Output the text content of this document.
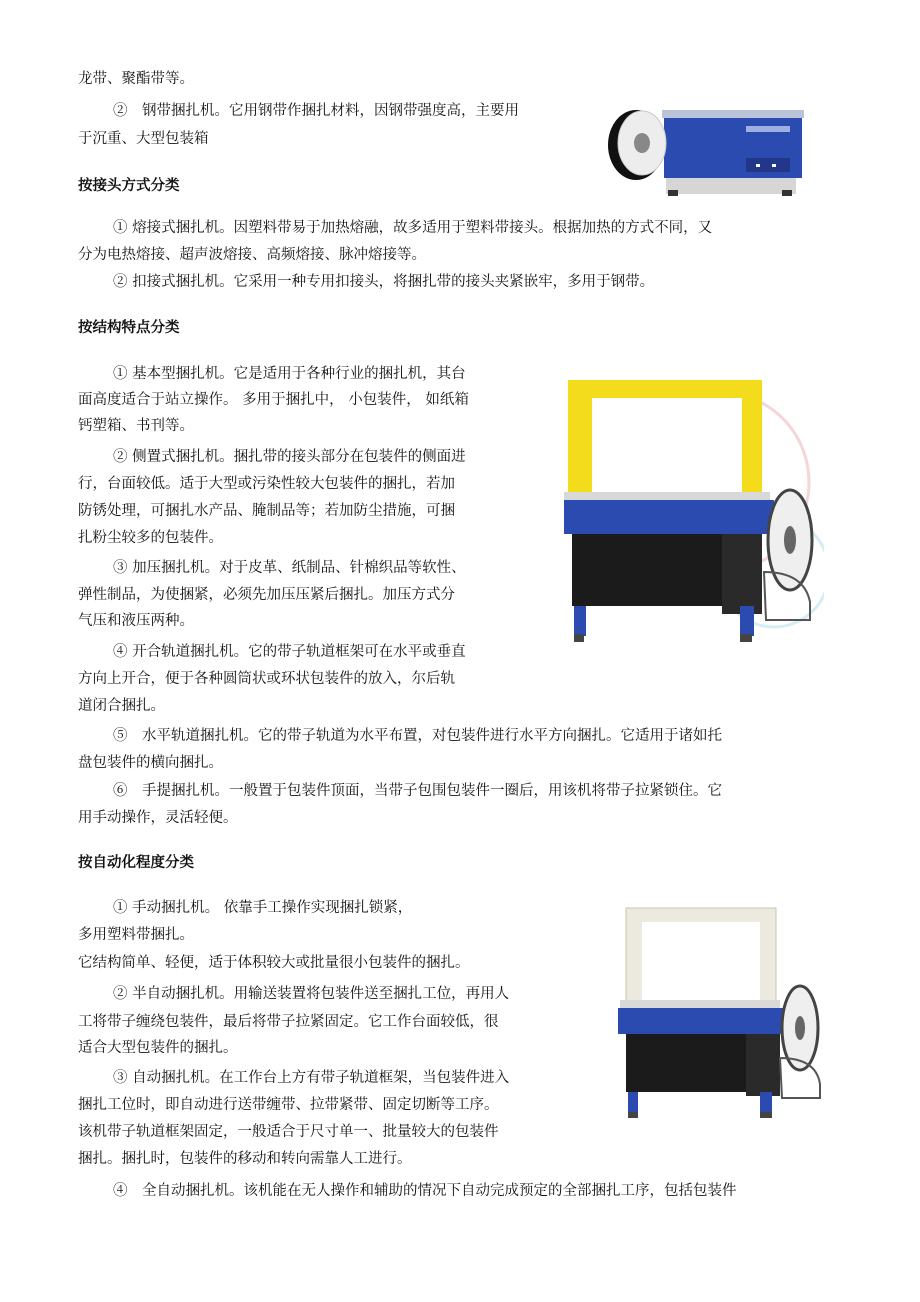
龙带、聚酯带等。
②　钢带捆扎机。它用钢带作捆扎材料，因钢带强度高，主要用
于沉重、大型包装箱
按接头方式分类
① 熔接式捆扎机。因塑料带易于加热熔融，故多适用于塑料带接头。根据加热的方式不同，又
分为电热熔接、超声波熔接、高频熔接、脉冲熔接等。
② 扣接式捆扎机。它采用一种专用扣接头，将捆扎带的接头夹紧嵌牢，多用于钢带。
按结构特点分类
① 基本型捆扎机。它是适用于各种行业的捆扎机，其台
面高度适合于站立操作。 多用于捆扎中， 小包装件， 如纸箱
钙塑箱、书刊等。
② 侧置式捆扎机。捆扎带的接头部分在包装件的侧面进
行，台面较低。适于大型或污染性较大包装件的捆扎，若加
防锈处理，可捆扎水产品、腌制品等；若加防尘措施，可捆
扎粉尘较多的包装件。
③ 加压捆扎机。对于皮革、纸制品、针棉织品等软性、
弹性制品，为使捆紧，必须先加压压紧后捆扎。加压方式分
气压和液压两种。
④ 开合轨道捆扎机。它的带子轨道框架可在水平或垂直
方向上开合，便于各种圆筒状或环状包装件的放入，尔后轨
道闭合捆扎。
⑤　水平轨道捆扎机。它的带子轨道为水平布置，对包装件进行水平方向捆扎。它适用于诸如托
盘包装件的横向捆扎。
⑥　手提捆扎机。一般置于包装件顶面，当带子包围包装件一圈后，用该机将带子拉紧锁住。它
用手动操作，灵活轻便。
按自动化程度分类
① 手动捆扎机。 依靠手工操作实现捆扎锁紧，
多用塑料带捆扎。
它结构简单、轻便，适于体积较大或批量很小包装件的捆扎。
② 半自动捆扎机。用输送装置将包装件送至捆扎工位，再用人
工将带子缠绕包装件，最后将带子拉紧固定。它工作台面较低，很
适合大型包装件的捆扎。
③ 自动捆扎机。在工作台上方有带子轨道框架，当包装件进入
捆扎工位时，即自动进行送带缠带、拉带紧带、固定切断等工序。
该机带子轨道框架固定，一般适合于尺寸单一、批量较大的包装件
捆扎。捆扎时，包装件的移动和转向需靠人工进行。
④　全自动捆扎机。该机能在无人操作和辅助的情况下自动完成预定的全部捆扎工序，包括包装件
